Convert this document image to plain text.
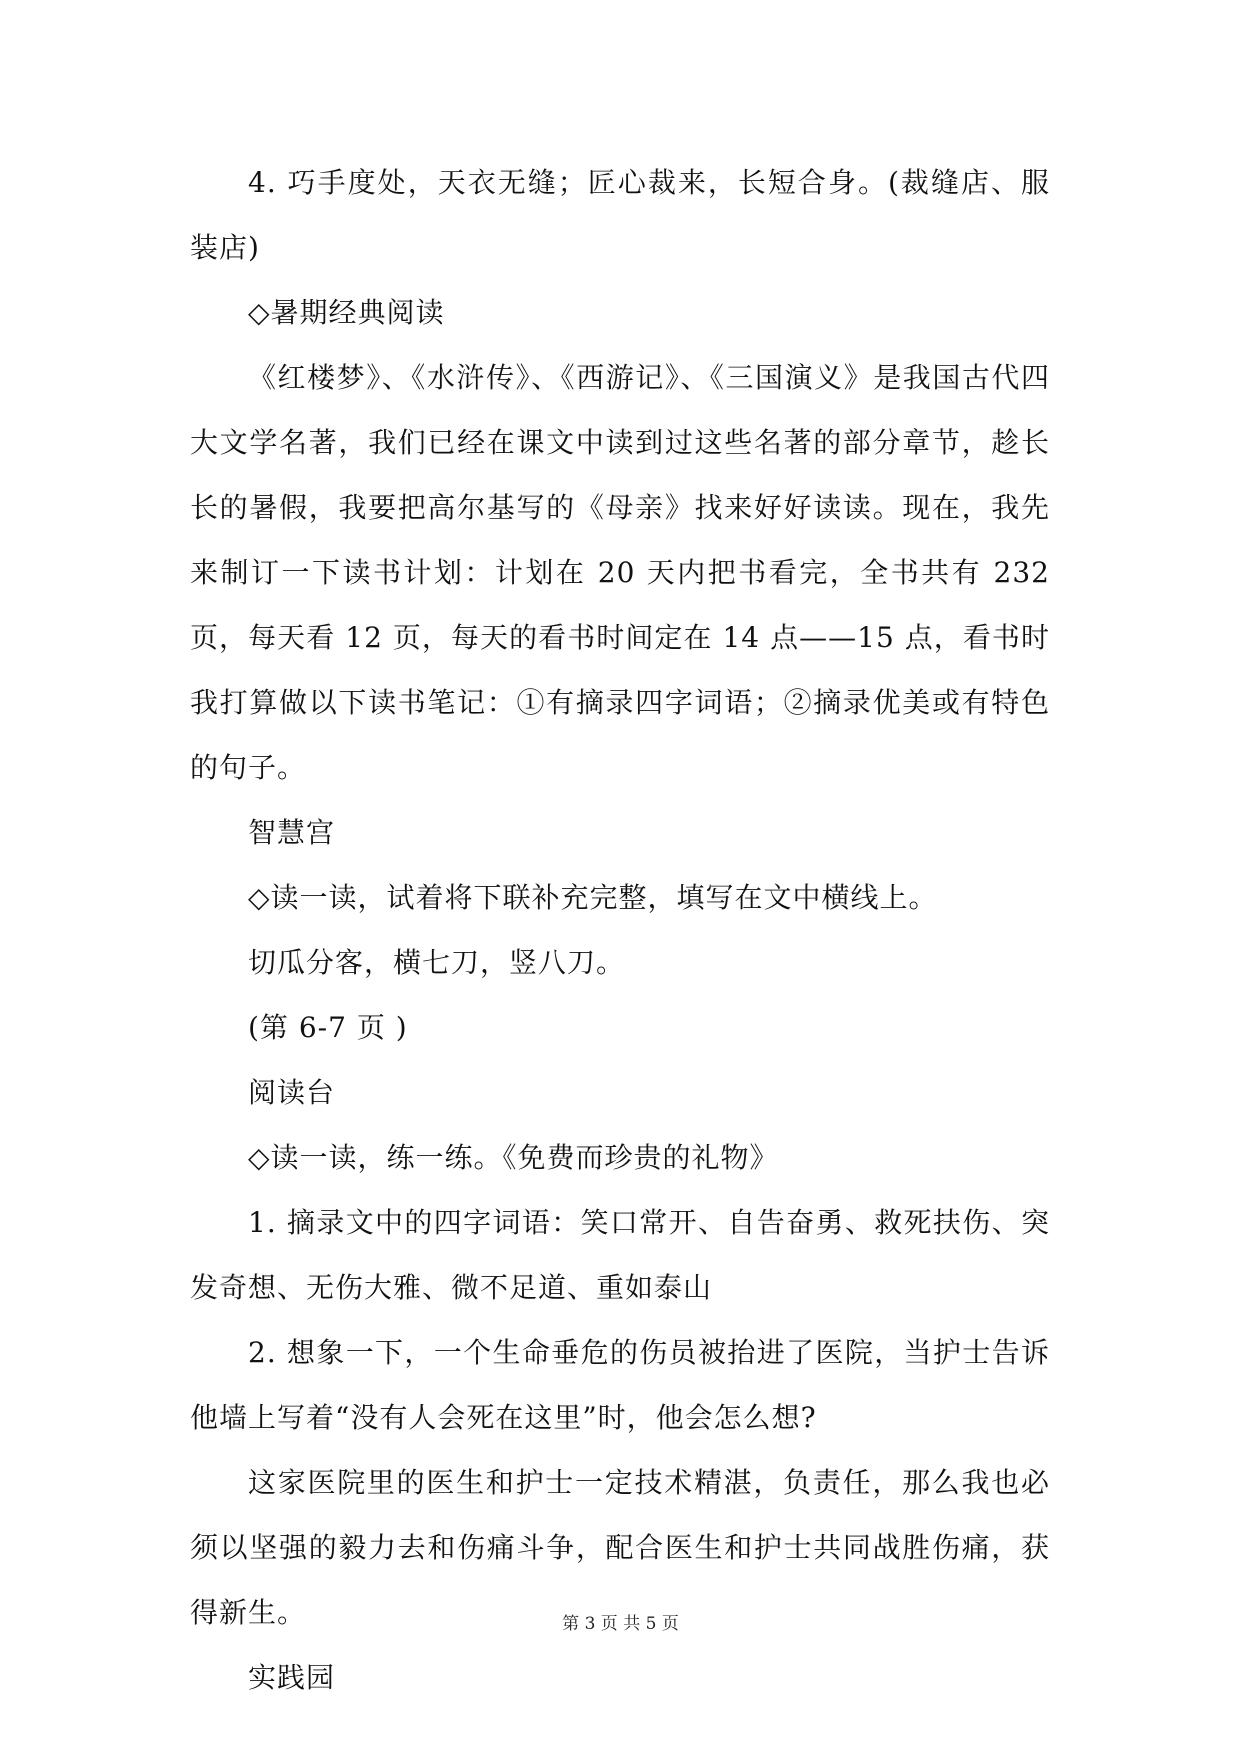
4. 巧手度处，天衣无缝；匠心裁来，长短合身。(裁缝店、服装店)

◇暑期经典阅读

《红楼梦》、《水浒传》、《西游记》、《三国演义》是我国古代四大文学名著，我们已经在课文中读到过这些名著的部分章节，趁长长的暑假，我要把高尔基写的《母亲》找来好好读读。现在，我先来制订一下读书计划：计划在 20 天内把书看完，全书共有 232 页，每天看 12 页，每天的看书时间定在 14 点——15 点，看书时我打算做以下读书笔记：①有摘录四字词语；②摘录优美或有特色的句子。

智慧宫

◇读一读，试着将下联补充完整，填写在文中横线上。

切瓜分客，横七刀，竖八刀。

(第 6-7 页 )

阅读台

◇读一读，练一练。《免费而珍贵的礼物》

1. 摘录文中的四字词语：笑口常开、自告奋勇、救死扶伤、突发奇想、无伤大雅、微不足道、重如泰山

2. 想象一下，一个生命垂危的伤员被抬进了医院，当护士告诉他墙上写着“没有人会死在这里”时，他会怎么想?

这家医院里的医生和护士一定技术精湛，负责任，那么我也必须以坚强的毅力去和伤痛斗争，配合医生和护士共同战胜伤痛，获得新生。

实践园

第 3 页 共 5 页
